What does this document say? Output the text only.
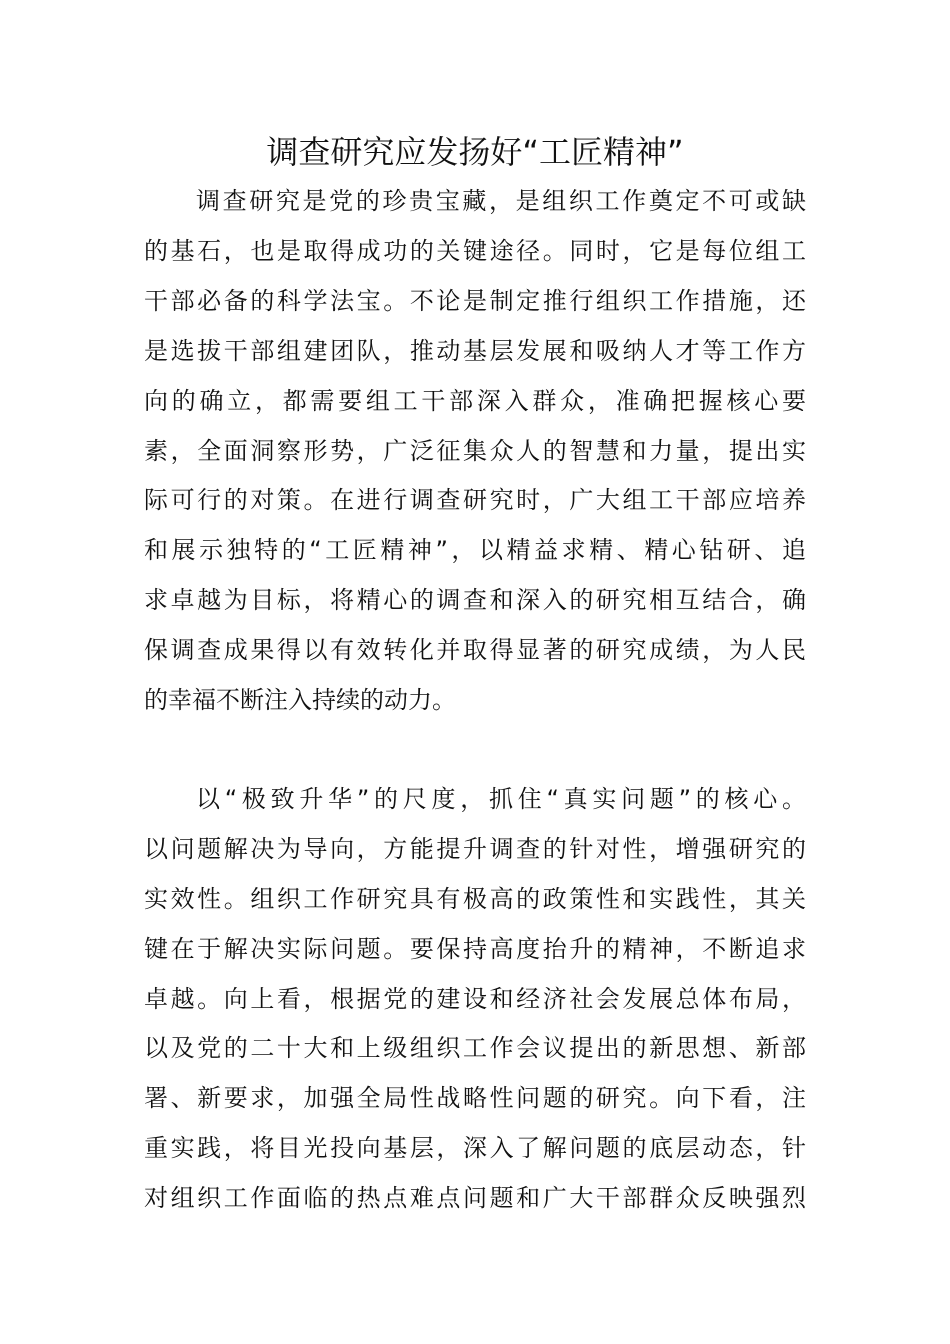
调查研究应发扬好“工匠精神”
调查研究是党的珍贵宝藏，是组织工作奠定不可或缺
的基石，也是取得成功的关键途径。同时，它是每位组工
干部必备的科学法宝。不论是制定推行组织工作措施，还
是选拔干部组建团队，推动基层发展和吸纳人才等工作方
向的确立，都需要组工干部深入群众，准确把握核心要
素，全面洞察形势，广泛征集众人的智慧和力量，提出实
际可行的对策。在进行调查研究时，广大组工干部应培养
和展示独特的“工匠精神”，以精益求精、精心钻研、追
求卓越为目标，将精心的调查和深入的研究相互结合，确
保调查成果得以有效转化并取得显著的研究成绩，为人民
的幸福不断注入持续的动力。
以“极致升华”的尺度，抓住“真实问题”的核心。
以问题解决为导向，方能提升调查的针对性，增强研究的
实效性。组织工作研究具有极高的政策性和实践性，其关
键在于解决实际问题。要保持高度抬升的精神，不断追求
卓越。向上看，根据党的建设和经济社会发展总体布局，
以及党的二十大和上级组织工作会议提出的新思想、新部
署、新要求，加强全局性战略性问题的研究。向下看，注
重实践，将目光投向基层，深入了解问题的底层动态，针
对组织工作面临的热点难点问题和广大干部群众反映强烈
